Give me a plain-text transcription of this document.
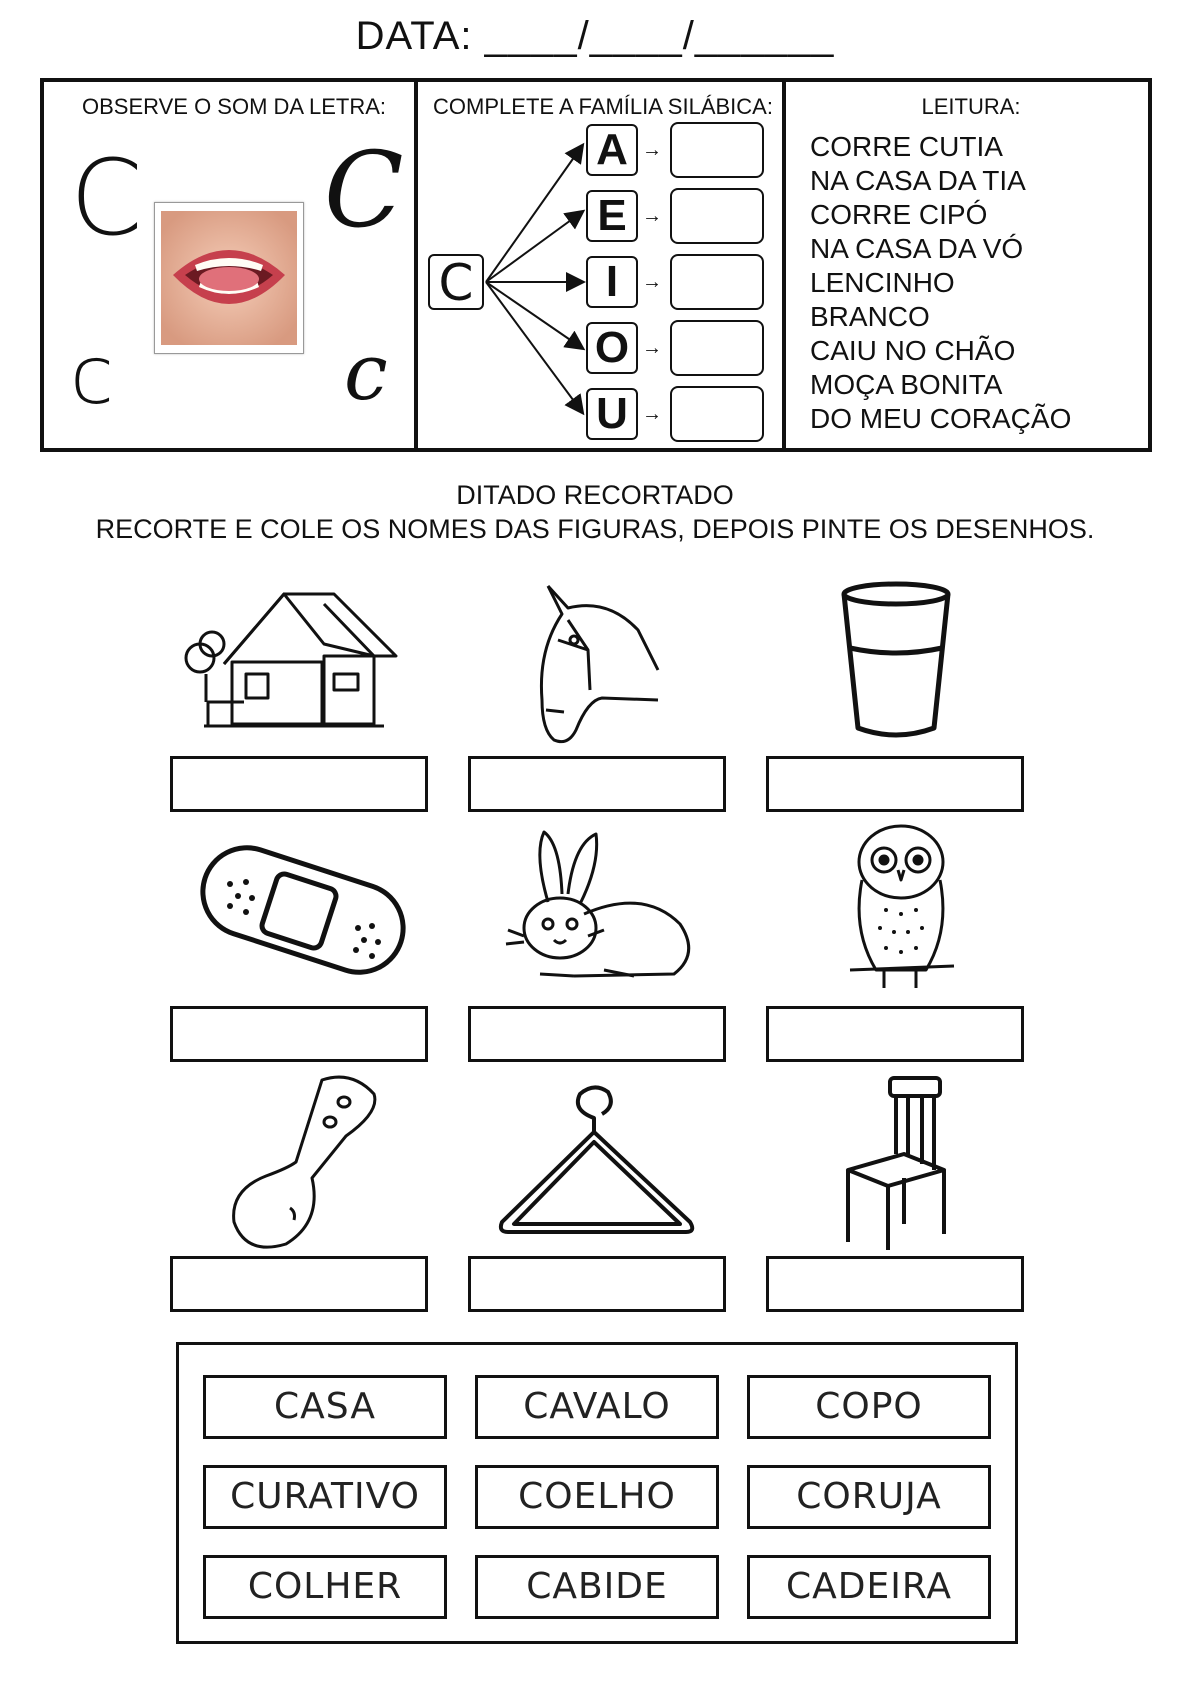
DATA: ____/____/______
OBSERVE O SOM DA LETRA:
C C
c	c
COMPLETE A FAMÍLIA SILÁBICA:
C
A
E
I
O
U
→
→
→
→
→
LEITURA:
CORRE CUTIA
NA CASA DA TIA
CORRE CIPÓ
NA CASA DA VÓ
LENCINHO
BRANCO
CAIU NO CHÃO
MOÇA BONITA
DO MEU CORAÇÃO
DITADO RECORTADO
RECORTE E COLE OS NOMES DAS FIGURAS, DEPOIS PINTE OS DESENHOS.
CASA	CAVALO	COPO
CURATIVO	COELHO	CORUJA
COLHER	CABIDE	CADEIRA
